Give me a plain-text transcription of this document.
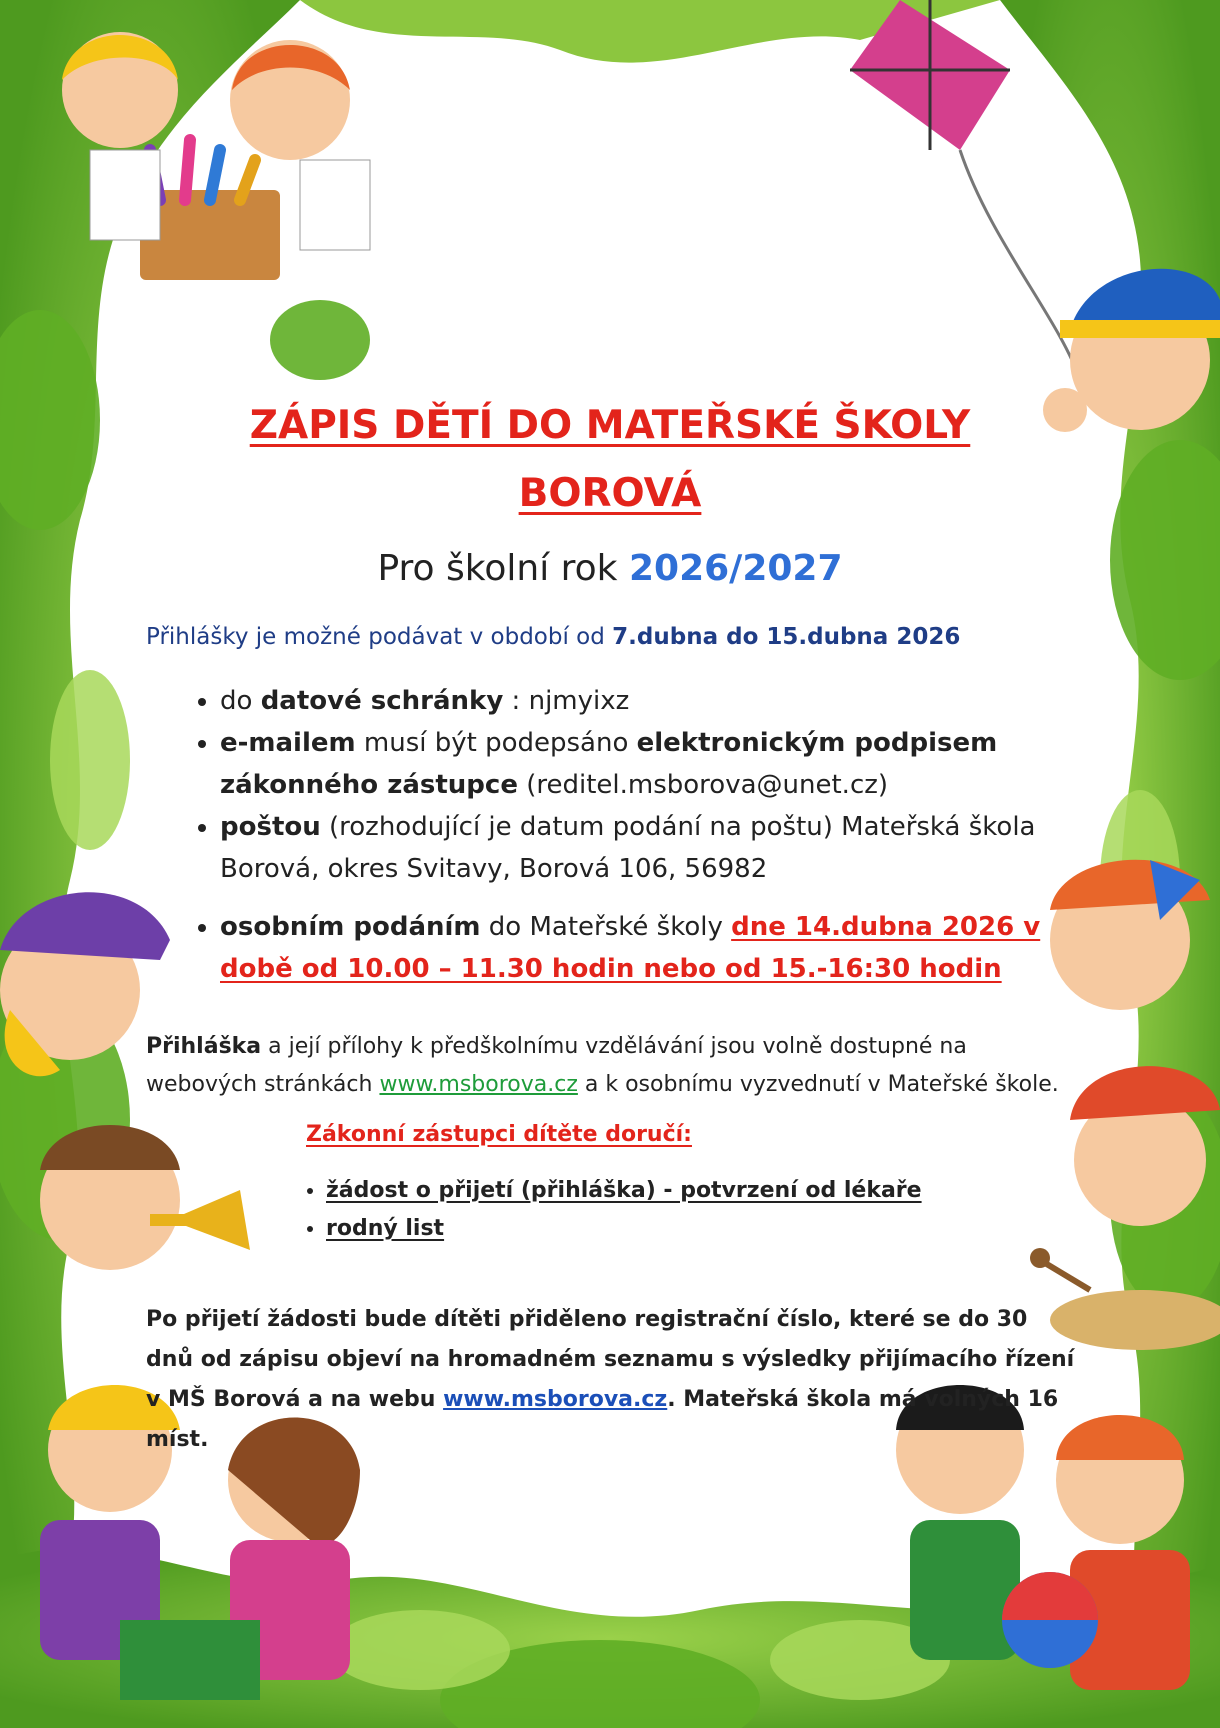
ZÁPIS DĚTÍ DO MATEŘSKÉ ŠKOLY
BOROVÁ
Pro školní rok 2026/2027
Přihlášky je možné podávat v období od 7.dubna do 15.dubna 2026
• do datové schránky : njmyixz
• e-mailem musí být podepsáno elektronickým podpisem zákonného zástupce (reditel.msborova@unet.cz)
• poštou (rozhodující je datum podání na poštu) Mateřská škola Borová, okres Svitavy, Borová 106, 56982
• osobním podáním do Mateřské školy dne 14.dubna 2026 v době od 10.00 – 11.30 hodin nebo od 15.-16:30 hodin
Přihláška a její přílohy k předškolnímu vzdělávání jsou volně dostupné na webových stránkách www.msborova.cz a k osobnímu vyzvednutí v Mateřské škole.
Zákonní zástupci dítěte doručí:
• žádost o přijetí (přihláška) - potvrzení od lékaře
• rodný list
Po přijetí žádosti bude dítěti přiděleno registrační číslo, které se do 30 dnů od zápisu objeví na hromadném seznamu s výsledky přijímacího řízení v MŠ Borová a na webu www.msborova.cz. Mateřská škola má volných 16 míst.
